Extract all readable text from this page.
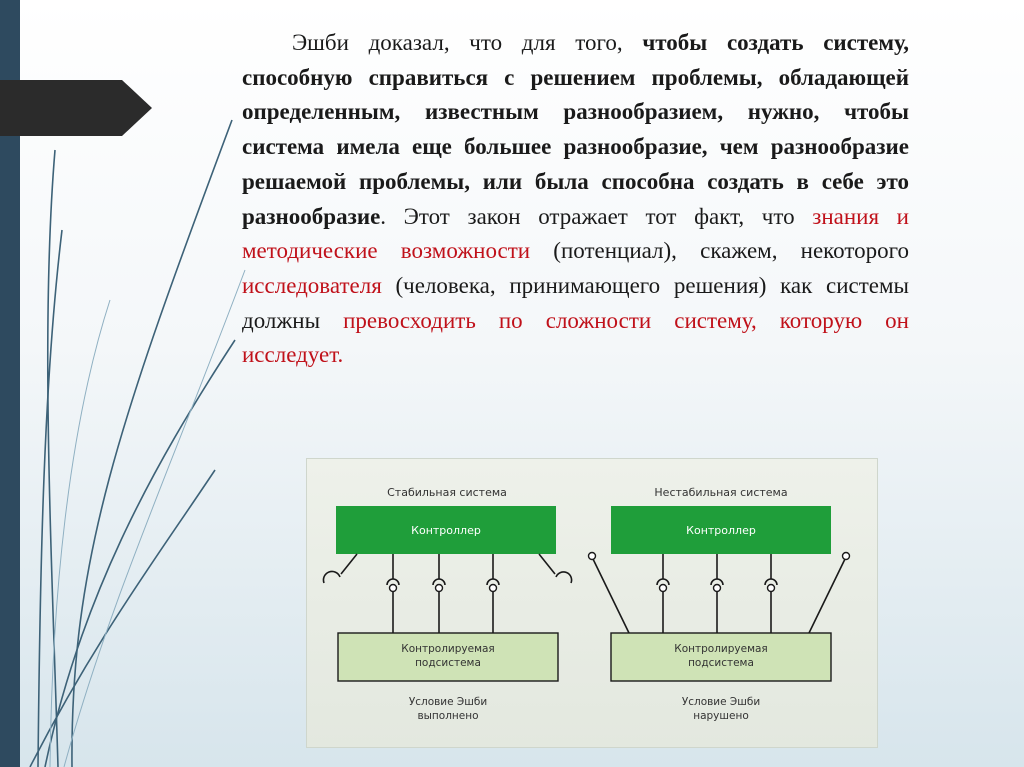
Эшби доказал, что для того, чтобы создать систему, способную справиться с решением проблемы, обладающей определенным, известным разнообразием, нужно, чтобы система имела еще большее разнообразие, чем разнообразие решаемой проблемы, или была способна создать в себе это разнообразие. Этот закон отражает тот факт, что знания и методические возможности (потенциал), скажем, некоторого исследователя (человека, принимающего решения) как системы должны превосходить по сложности систему, которую он исследует.

Стабильная система
Контроллер
Контролируемая
подсистема
Условие Эшби
выполнено
Нестабильная система
Контроллер
Контролируемая
подсистема
Условие Эшби
нарушено
